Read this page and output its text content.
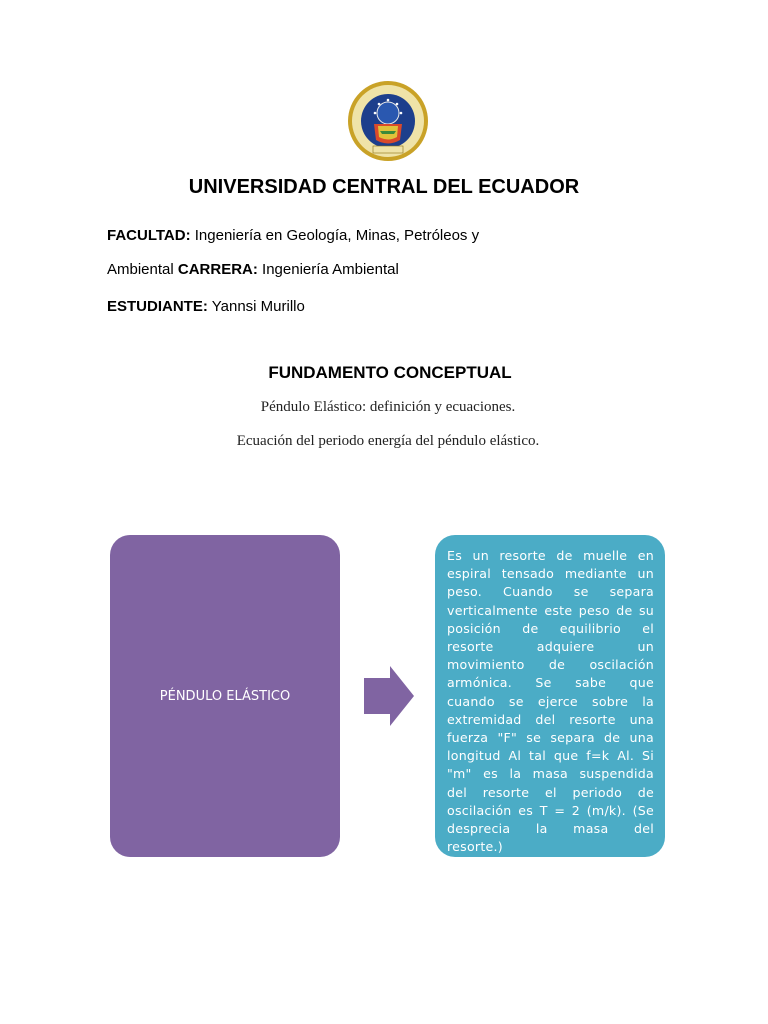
UNIVERSIDAD CENTRAL DEL ECUADOR
FACULTAD: Ingeniería en Geología, Minas, Petróleos y
Ambiental CARRERA: Ingeniería Ambiental
ESTUDIANTE: Yannsi Murillo
FUNDAMENTO CONCEPTUAL
Péndulo Elástico: definición y ecuaciones.
Ecuación del periodo energía del péndulo elástico.
PÉNDULO ELÁSTICO
Es un resorte de muelle en espiral tensado mediante un peso. Cuando se separa verticalmente este peso de su posición de equilibrio el resorte adquiere un movimiento de oscilación armónica. Se sabe que cuando se ejerce sobre la extremidad del resorte una fuerza "F" se separa de una longitud Al tal que f=k Al. Si "m" es la masa suspendida del resorte el periodo de oscilación es T = 2 (m/k). (Se desprecia la masa del resorte.)
